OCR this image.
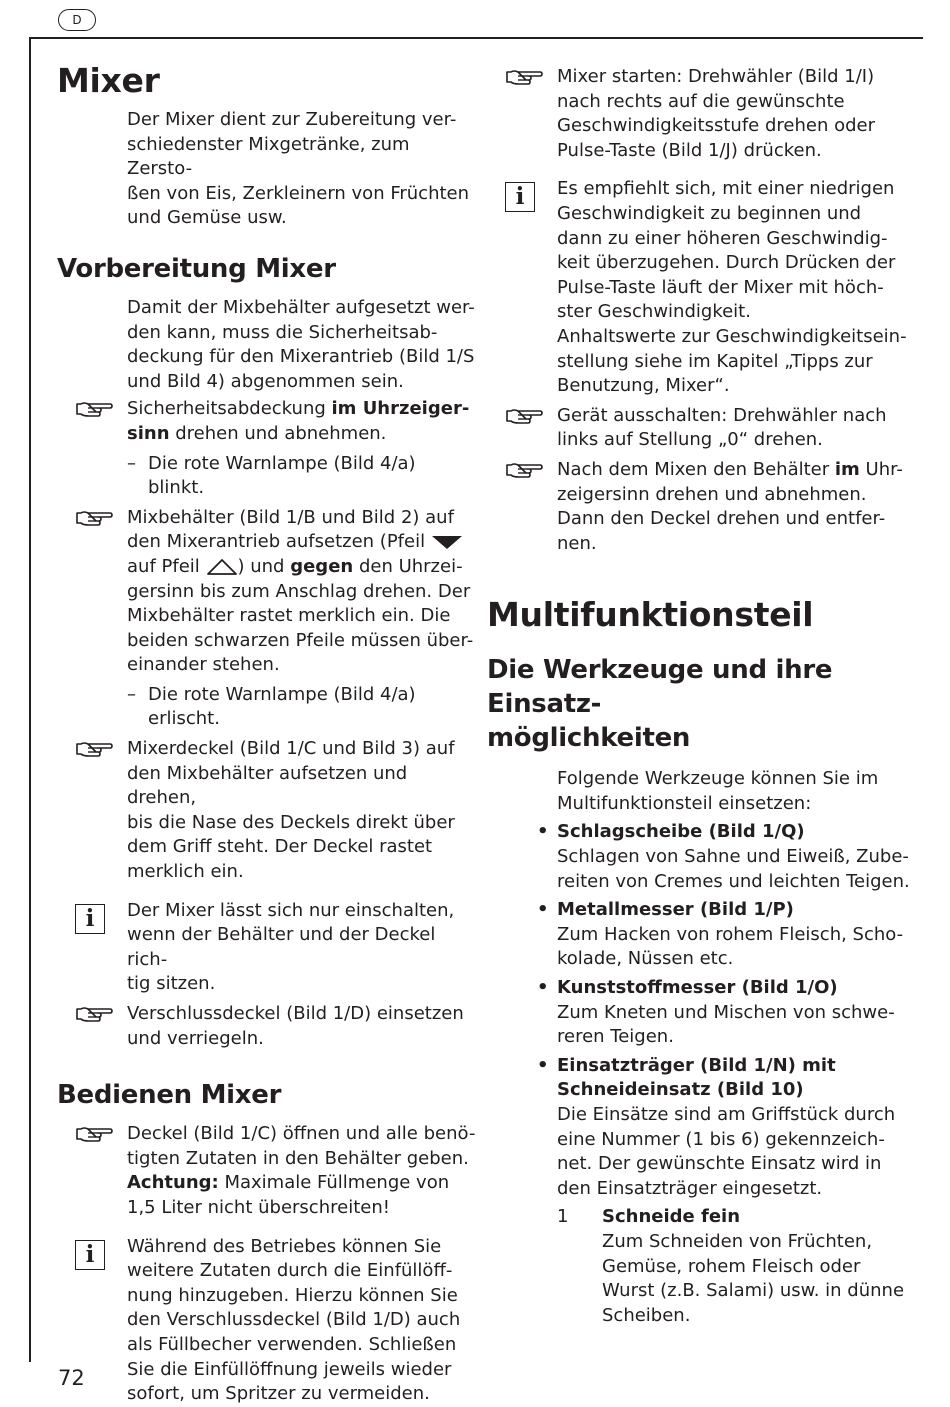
D
Mixer
Der Mixer dient zur Zubereitung ver-
schiedenster Mixgetränke, zum Zersto-
ßen von Eis, Zerkleinern von Früchten
und Gemüse usw.
Vorbereitung Mixer
Damit der Mixbehälter aufgesetzt wer-
den kann, muss die Sicherheitsab-
deckung für den Mixerantrieb (Bild 1/S
und Bild 4) abgenommen sein.
Sicherheitsabdeckung im Uhrzeiger-
sinn drehen und abnehmen.
– Die rote Warnlampe (Bild 4/a) blinkt.
Mixbehälter (Bild 1/B und Bild 2) auf
den Mixerantrieb aufsetzen (Pfeil
auf Pfeil ) und gegen den Uhrzei-
gersinn bis zum Anschlag drehen. Der
Mixbehälter rastet merklich ein. Die
beiden schwarzen Pfeile müssen über-
einander stehen.
– Die rote Warnlampe (Bild 4/a)
erlischt.
Mixerdeckel (Bild 1/C und Bild 3) auf
den Mixbehälter aufsetzen und drehen,
bis die Nase des Deckels direkt über
dem Griff steht. Der Deckel rastet
merklich ein.
i	Der Mixer lässt sich nur einschalten,
wenn der Behälter und der Deckel rich-
tig sitzen.
Verschlussdeckel (Bild 1/D) einsetzen
und verriegeln.
Bedienen Mixer
Deckel (Bild 1/C) öffnen und alle benö-
tigten Zutaten in den Behälter geben.
Achtung: Maximale Füllmenge von
1,5 Liter nicht überschreiten!
i	Während des Betriebes können Sie
weitere Zutaten durch die Einfüllöff-
nung hinzugeben. Hierzu können Sie
den Verschlussdeckel (Bild 1/D) auch
als Füllbecher verwenden. Schließen
Sie die Einfüllöffnung jeweils wieder
sofort, um Spritzer zu vermeiden.
Mixer starten: Drehwähler (Bild 1/I)
nach rechts auf die gewünschte
Geschwindigkeitsstufe drehen oder
Pulse-Taste (Bild 1/J) drücken.
i	Es empfiehlt sich, mit einer niedrigen
Geschwindigkeit zu beginnen und
dann zu einer höheren Geschwindig-
keit überzugehen. Durch Drücken der
Pulse-Taste läuft der Mixer mit höch-
ster Geschwindigkeit.
Anhaltswerte zur Geschwindigkeitsein-
stellung siehe im Kapitel „Tipps zur
Benutzung, Mixer“.
Gerät ausschalten: Drehwähler nach
links auf Stellung „0“ drehen.
Nach dem Mixen den Behälter im Uhr-
zeigersinn drehen und abnehmen.
Dann den Deckel drehen und entfer-
nen.
Multifunktionsteil
Die Werkzeuge und ihre Einsatz-
möglichkeiten
Folgende Werkzeuge können Sie im
Multifunktionsteil einsetzen:
• Schlagscheibe (Bild 1/Q)
Schlagen von Sahne und Eiweiß, Zube-
reiten von Cremes und leichten Teigen.
• Metallmesser (Bild 1/P)
Zum Hacken von rohem Fleisch, Scho-
kolade, Nüssen etc.
• Kunststoffmesser (Bild 1/O)
Zum Kneten und Mischen von schwe-
reren Teigen.
• Einsatzträger (Bild 1/N) mit
Schneideinsatz (Bild 10)
Die Einsätze sind am Griffstück durch
eine Nummer (1 bis 6) gekennzeich-
net. Der gewünschte Einsatz wird in
den Einsatzträger eingesetzt.
1 Schneide fein
Zum Schneiden von Früchten,
Gemüse, rohem Fleisch oder
Wurst (z.B. Salami) usw. in dünne
Scheiben.
72
